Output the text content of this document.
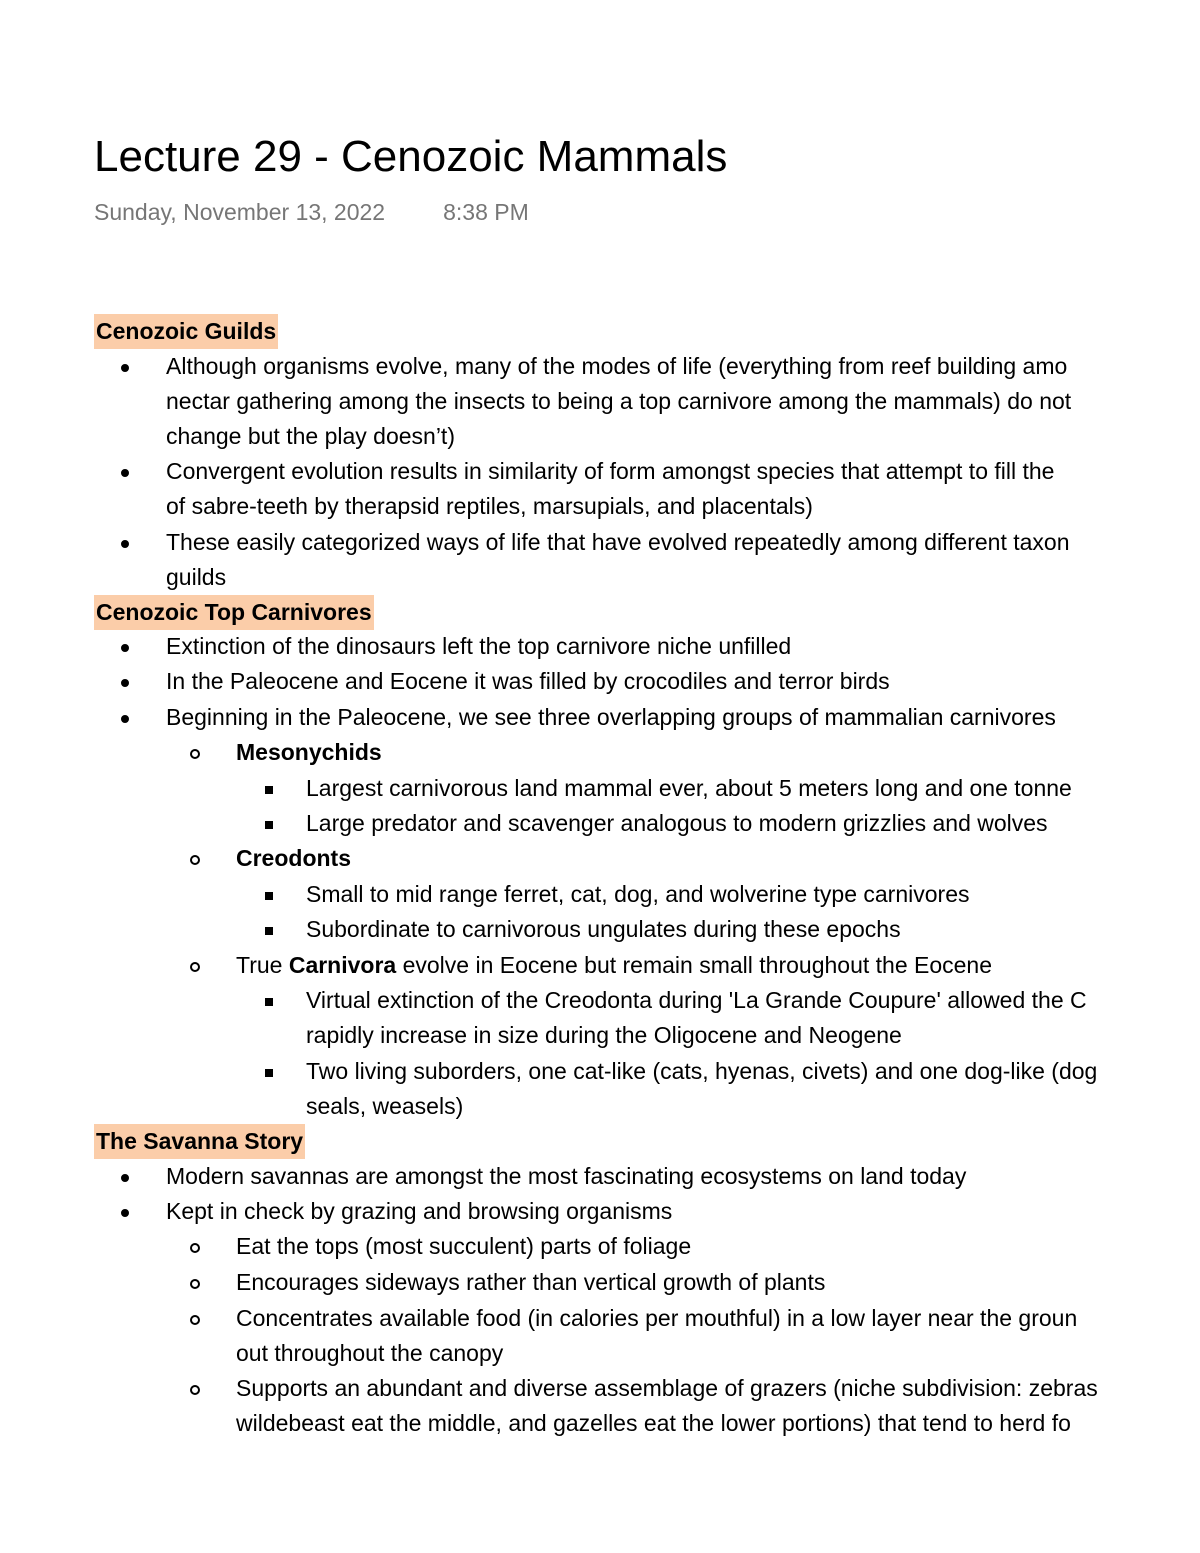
Lecture 29 - Cenozoic Mammals
Sunday, November 13, 2022	8:38 PM
Cenozoic Guilds
Although organisms evolve, many of the modes of life (everything from reef building amo
nectar gathering among the insects to being a top carnivore among the mammals) do not
change but the play doesn’t)
Convergent evolution results in similarity of form amongst species that attempt to fill the
of sabre-teeth by therapsid reptiles, marsupials, and placentals)
These easily categorized ways of life that have evolved repeatedly among different taxon
guilds
Cenozoic Top Carnivores
Extinction of the dinosaurs left the top carnivore niche unfilled
In the Paleocene and Eocene it was filled by crocodiles and terror birds
Beginning in the Paleocene, we see three overlapping groups of mammalian carnivores
Mesonychids
Largest carnivorous land mammal ever, about 5 meters long and one tonne
Large predator and scavenger analogous to modern grizzlies and wolves
Creodonts
Small to mid range ferret, cat, dog, and wolverine type carnivores
Subordinate to carnivorous ungulates during these epochs
True Carnivora evolve in Eocene but remain small throughout the Eocene
Virtual extinction of the Creodonta during 'La Grande Coupure' allowed the C
rapidly increase in size during the Oligocene and Neogene
Two living suborders, one cat-like (cats, hyenas, civets) and one dog-like (dog
seals, weasels)
The Savanna Story
Modern savannas are amongst the most fascinating ecosystems on land today
Kept in check by grazing and browsing organisms
Eat the tops (most succulent) parts of foliage
Encourages sideways rather than vertical growth of plants
Concentrates available food (in calories per mouthful) in a low layer near the groun
out throughout the canopy
Supports an abundant and diverse assemblage of grazers (niche subdivision: zebras
wildebeast eat the middle, and gazelles eat the lower portions) that tend to herd fo
